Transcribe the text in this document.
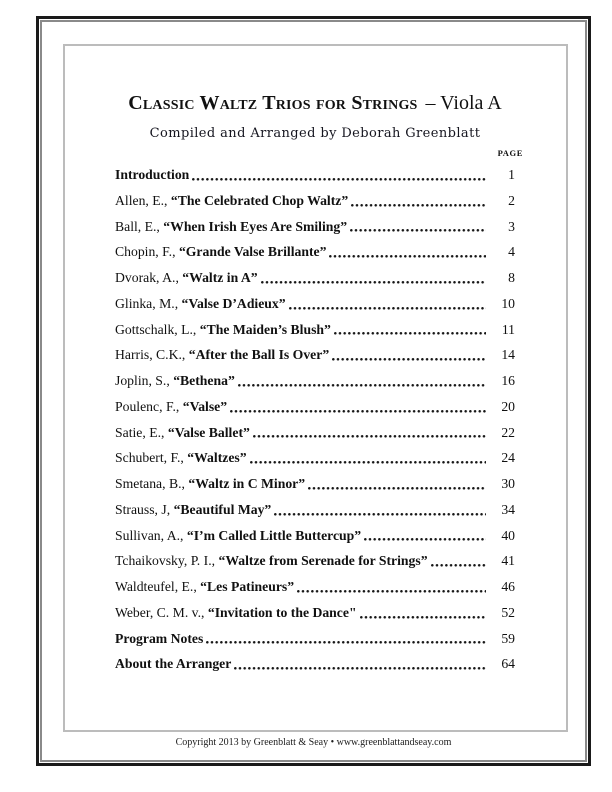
Classic Waltz Trios for Strings – Viola A
Compiled and Arranged by Deborah Greenblatt
PAGE
Introduction	1
Allen, E., “The Celebrated Chop Waltz”	2
Ball, E., “When Irish Eyes Are Smiling”	3
Chopin, F., “Grande Valse Brillante”	4
Dvorak, A., “Waltz in A”	8
Glinka, M., “Valse D’Adieux”	10
Gottschalk, L., “The Maiden’s Blush”	11
Harris, C.K., “After the Ball Is Over”	14
Joplin, S., “Bethena”	16
Poulenc, F., “Valse”	20
Satie, E., “Valse Ballet”	22
Schubert, F., “Waltzes”	24
Smetana, B., “Waltz in C Minor”	30
Strauss, J, “Beautiful May”	34
Sullivan, A., “I’m Called Little Buttercup”	40
Tchaikovsky, P. I., “Waltze from Serenade for Strings”	41
Waldteufel, E., “Les Patineurs”	46
Weber, C. M. v., “Invitation to the Dance"	52
Program Notes	59
About the Arranger	64
Copyright 2013 by Greenblatt & Seay • www.greenblattandseay.com
